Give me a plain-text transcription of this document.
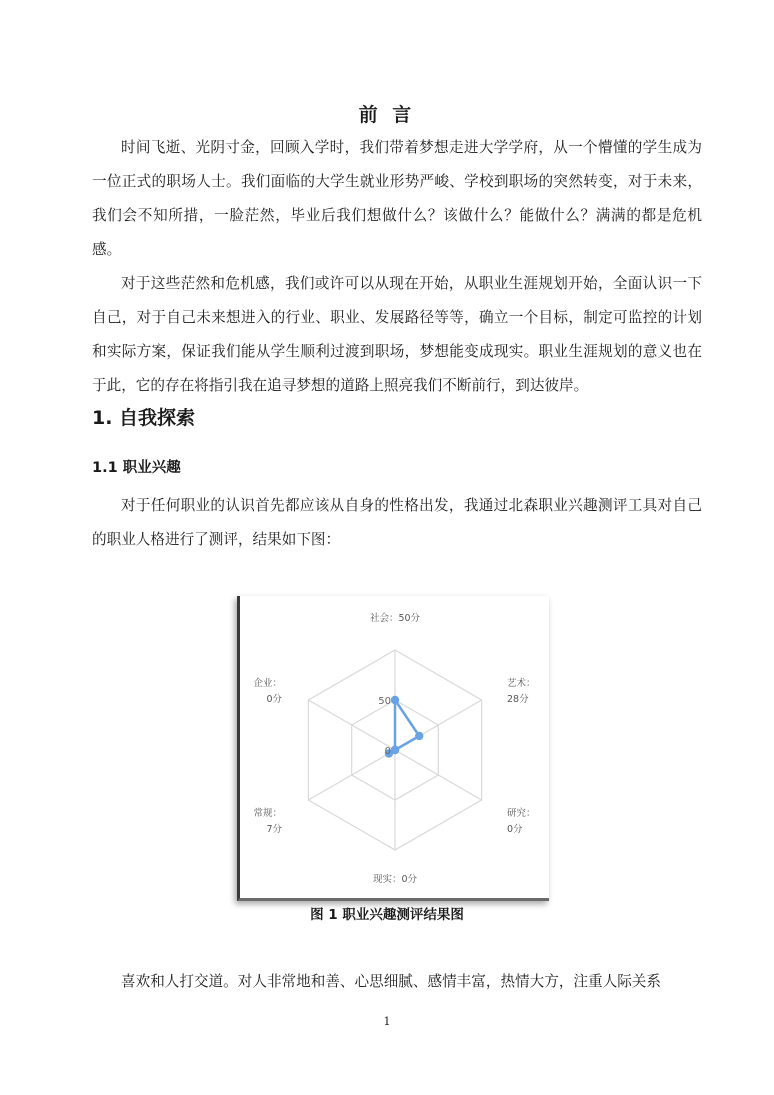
前 言

时间飞逝、光阴寸金，回顾入学时，我们带着梦想走进大学学府，从一个懵懂的学生成为一位正式的职场人士。我们面临的大学生就业形势严峻、学校到职场的突然转变，对于未来，我们会不知所措，一脸茫然，毕业后我们想做什么？该做什么？能做什么？满满的都是危机感。

对于这些茫然和危机感，我们或许可以从现在开始，从职业生涯规划开始，全面认识一下自己，对于自己未来想进入的行业、职业、发展路径等等，确立一个目标，制定可监控的计划和实际方案，保证我们能从学生顺利过渡到职场，梦想能变成现实。职业生涯规划的意义也在于此，它的存在将指引我在追寻梦想的道路上照亮我们不断前行，到达彼岸。

1. 自我探索
1.1 职业兴趣

对于任何职业的认识首先都应该从自身的性格出发，我通过北森职业兴趣测评工具对自己的职业人格进行了测评，结果如下图：

50
0
社会：50分
艺术：
28分
研究：
0分
现实：0分
常规：
7分
企业：
0分
图 1 职业兴趣测评结果图

喜欢和人打交道。对人非常地和善、心思细腻、感情丰富，热情大方，注重人际关系

1
